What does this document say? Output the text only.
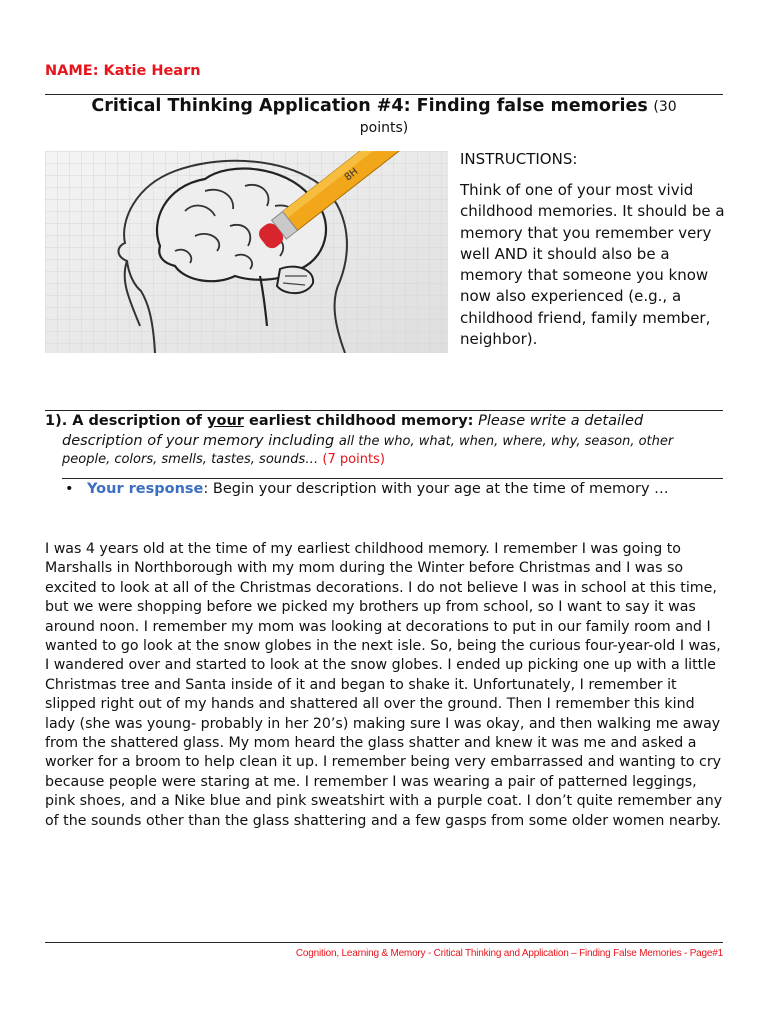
NAME: Katie Hearn
Critical Thinking Application #4: Finding false memories (30
points)
8H
INSTRUCTIONS:
Think of one of your most vivid childhood memories. It should be a memory that you remember very well AND it should also be a memory that someone you know now also experienced (e.g., a childhood friend, family member, neighbor).
1). A description of your earliest childhood memory: Please write a detailed
description of your memory including all the who, what, when, where, why, season, other
people, colors, smells, tastes, sounds… (7 points)
• Your response: Begin your description with your age at the time of memory …
I was 4 years old at the time of my earliest childhood memory. I remember I was going to Marshalls in Northborough with my mom during the Winter before Christmas and I was so excited to look at all of the Christmas decorations. I do not believe I was in school at this time, but we were shopping before we picked my brothers up from school, so I want to say it was around noon. I remember my mom was looking at decorations to put in our family room and I wanted to go look at the snow globes in the next isle. So, being the curious four-year-old I was, I wandered over and started to look at the snow globes. I ended up picking one up with a little Christmas tree and Santa inside of it and began to shake it. Unfortunately, I remember it slipped right out of my hands and shattered all over the ground. Then I remember this kind lady (she was young- probably in her 20’s) making sure I was okay, and then walking me away from the shattered glass. My mom heard the glass shatter and knew it was me and asked a worker for a broom to help clean it up. I remember being very embarrassed and wanting to cry because people were staring at me. I remember I was wearing a pair of patterned leggings, pink shoes, and a Nike blue and pink sweatshirt with a purple coat. I don’t quite remember any of the sounds other than the glass shattering and a few gasps from some older women nearby.
Cognition, Learning & Memory - Critical Thinking and Application – Finding False Memories - Page#1
